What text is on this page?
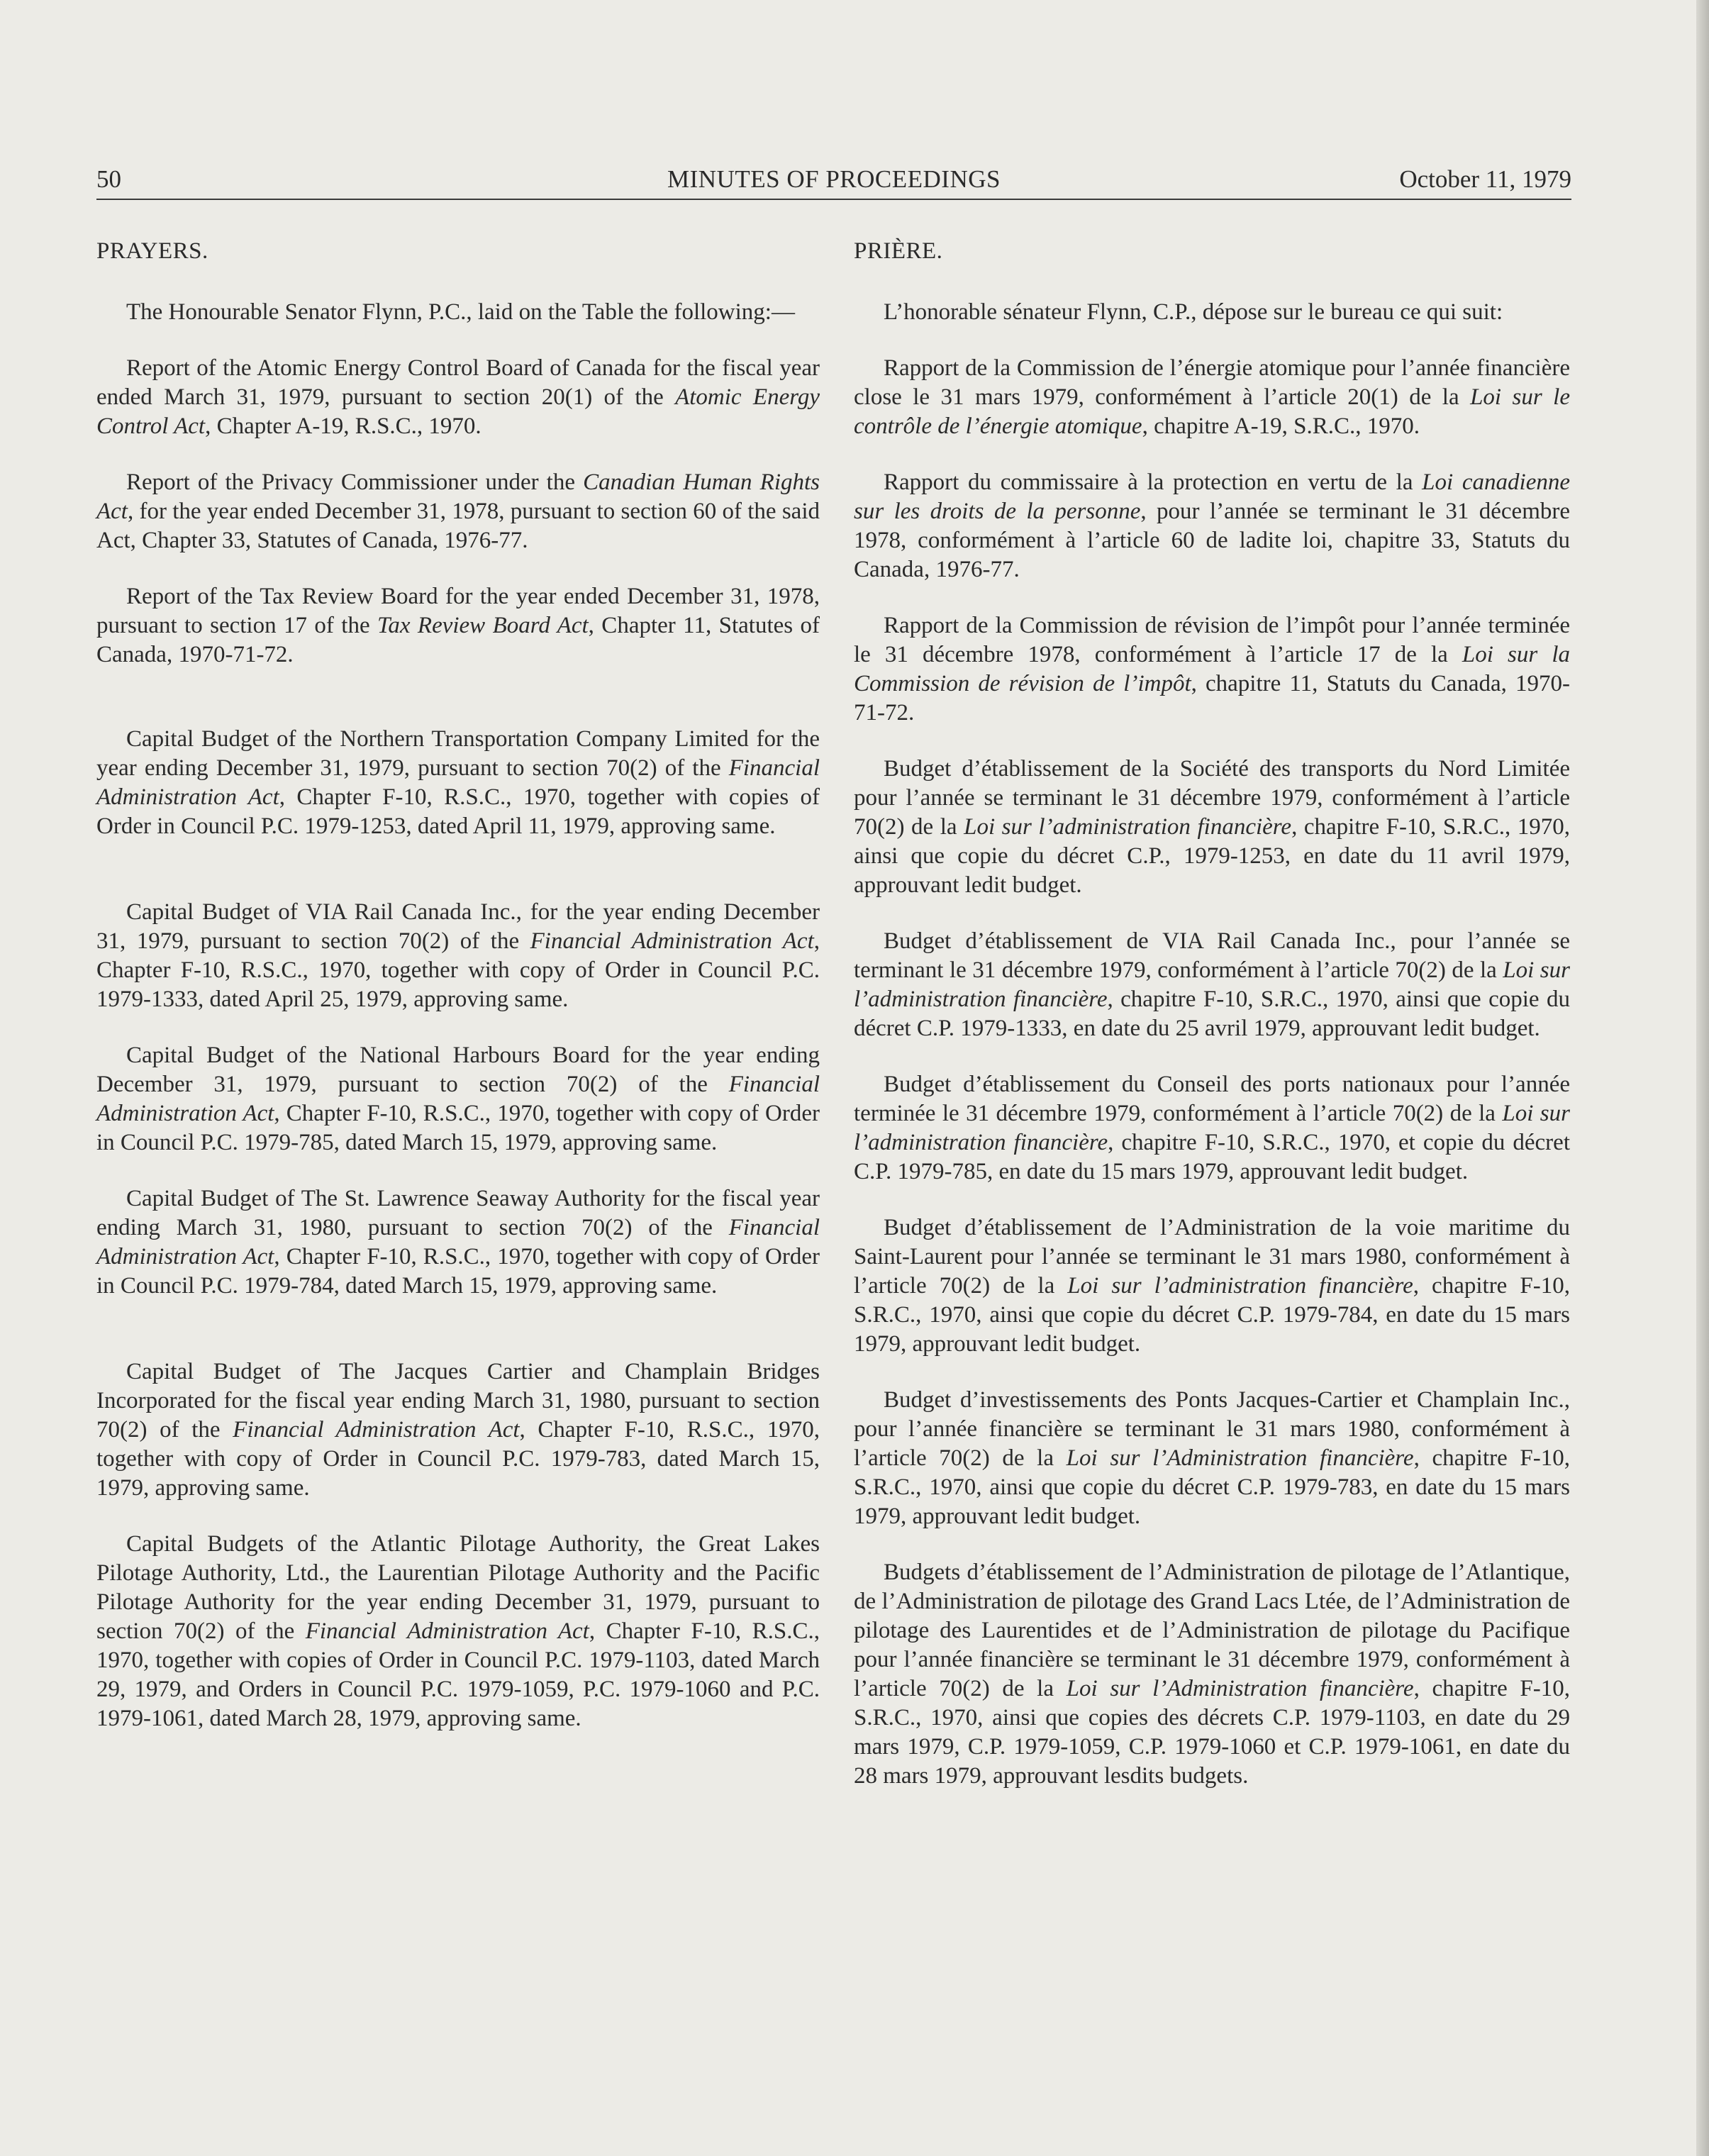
50	MINUTES OF PROCEEDINGS	October 11, 1979
PRAYERS.

The Honourable Senator Flynn, P.C., laid on the Table the following:—

Report of the Atomic Energy Control Board of Canada for the fiscal year ended March 31, 1979, pursuant to section 20(1) of the Atomic Energy Control Act, Chapter A-19, R.S.C., 1970.

Report of the Privacy Commissioner under the Canadian Human Rights Act, for the year ended December 31, 1978, pursuant to section 60 of the said Act, Chapter 33, Statutes of Canada, 1976-77.

Report of the Tax Review Board for the year ended December 31, 1978, pursuant to section 17 of the Tax Review Board Act, Chapter 11, Statutes of Canada, 1970-71-72.

Capital Budget of the Northern Transportation Company Limited for the year ending December 31, 1979, pursuant to section 70(2) of the Financial Administration Act, Chapter F-10, R.S.C., 1970, together with copies of Order in Council P.C. 1979-1253, dated April 11, 1979, approving same.

Capital Budget of VIA Rail Canada Inc., for the year ending December 31, 1979, pursuant to section 70(2) of the Financial Administration Act, Chapter F-10, R.S.C., 1970, together with copy of Order in Council P.C. 1979-1333, dated April 25, 1979, approving same.

Capital Budget of the National Harbours Board for the year ending December 31, 1979, pursuant to section 70(2) of the Financial Administration Act, Chapter F-10, R.S.C., 1970, together with copy of Order in Council P.C. 1979-785, dated March 15, 1979, approving same.

Capital Budget of The St. Lawrence Seaway Authority for the fiscal year ending March 31, 1980, pursuant to section 70(2) of the Financial Administration Act, Chapter F-10, R.S.C., 1970, together with copy of Order in Council P.C. 1979-784, dated March 15, 1979, approving same.

Capital Budget of The Jacques Cartier and Champlain Bridges Incorporated for the fiscal year ending March 31, 1980, pursuant to section 70(2) of the Financial Administration Act, Chapter F-10, R.S.C., 1970, together with copy of Order in Council P.C. 1979-783, dated March 15, 1979, approving same.

Capital Budgets of the Atlantic Pilotage Authority, the Great Lakes Pilotage Authority, Ltd., the Laurentian Pilotage Authority and the Pacific Pilotage Authority for the year ending December 31, 1979, pursuant to section 70(2) of the Financial Administration Act, Chapter F-10, R.S.C., 1970, together with copies of Order in Council P.C. 1979-1103, dated March 29, 1979, and Orders in Council P.C. 1979-1059, P.C. 1979-1060 and P.C. 1979-1061, dated March 28, 1979, approving same.

PRIÈRE.

L’honorable sénateur Flynn, C.P., dépose sur le bureau ce qui suit:

Rapport de la Commission de l’énergie atomique pour l’année financière close le 31 mars 1979, conformément à l’article 20(1) de la Loi sur le contrôle de l’énergie atomique, chapitre A-19, S.R.C., 1970.

Rapport du commissaire à la protection en vertu de la Loi canadienne sur les droits de la personne, pour l’année se terminant le 31 décembre 1978, conformément à l’article 60 de ladite loi, chapitre 33, Statuts du Canada, 1976-77.

Rapport de la Commission de révision de l’impôt pour l’année terminée le 31 décembre 1978, conformément à l’article 17 de la Loi sur la Commission de révision de l’impôt, chapitre 11, Statuts du Canada, 1970-71-72.

Budget d’établissement de la Société des transports du Nord Limitée pour l’année se terminant le 31 décembre 1979, conformément à l’article 70(2) de la Loi sur l’administration financière, chapitre F-10, S.R.C., 1970, ainsi que copie du décret C.P., 1979-1253, en date du 11 avril 1979, approuvant ledit budget.

Budget d’établissement de VIA Rail Canada Inc., pour l’année se terminant le 31 décembre 1979, conformément à l’article 70(2) de la Loi sur l’administration financière, chapitre F-10, S.R.C., 1970, ainsi que copie du décret C.P. 1979-1333, en date du 25 avril 1979, approuvant ledit budget.

Budget d’établissement du Conseil des ports nationaux pour l’année terminée le 31 décembre 1979, conformément à l’article 70(2) de la Loi sur l’administration financière, chapitre F-10, S.R.C., 1970, et copie du décret C.P. 1979-785, en date du 15 mars 1979, approuvant ledit budget.

Budget d’établissement de l’Administration de la voie maritime du Saint-Laurent pour l’année se terminant le 31 mars 1980, conformément à l’article 70(2) de la Loi sur l’administration financière, chapitre F-10, S.R.C., 1970, ainsi que copie du décret C.P. 1979-784, en date du 15 mars 1979, approuvant ledit budget.

Budget d’investissements des Ponts Jacques-Cartier et Champlain Inc., pour l’année financière se terminant le 31 mars 1980, conformément à l’article 70(2) de la Loi sur l’Administration financière, chapitre F-10, S.R.C., 1970, ainsi que copie du décret C.P. 1979-783, en date du 15 mars 1979, approuvant ledit budget.

Budgets d’établissement de l’Administration de pilotage de l’Atlantique, de l’Administration de pilotage des Grand Lacs Ltée, de l’Administration de pilotage des Laurentides et de l’Administration de pilotage du Pacifique pour l’année financière se terminant le 31 décembre 1979, conformément à l’article 70(2) de la Loi sur l’Administration financière, chapitre F-10, S.R.C., 1970, ainsi que copies des décrets C.P. 1979-1103, en date du 29 mars 1979, C.P. 1979-1059, C.P. 1979-1060 et C.P. 1979-1061, en date du 28 mars 1979, approuvant lesdits budgets.
